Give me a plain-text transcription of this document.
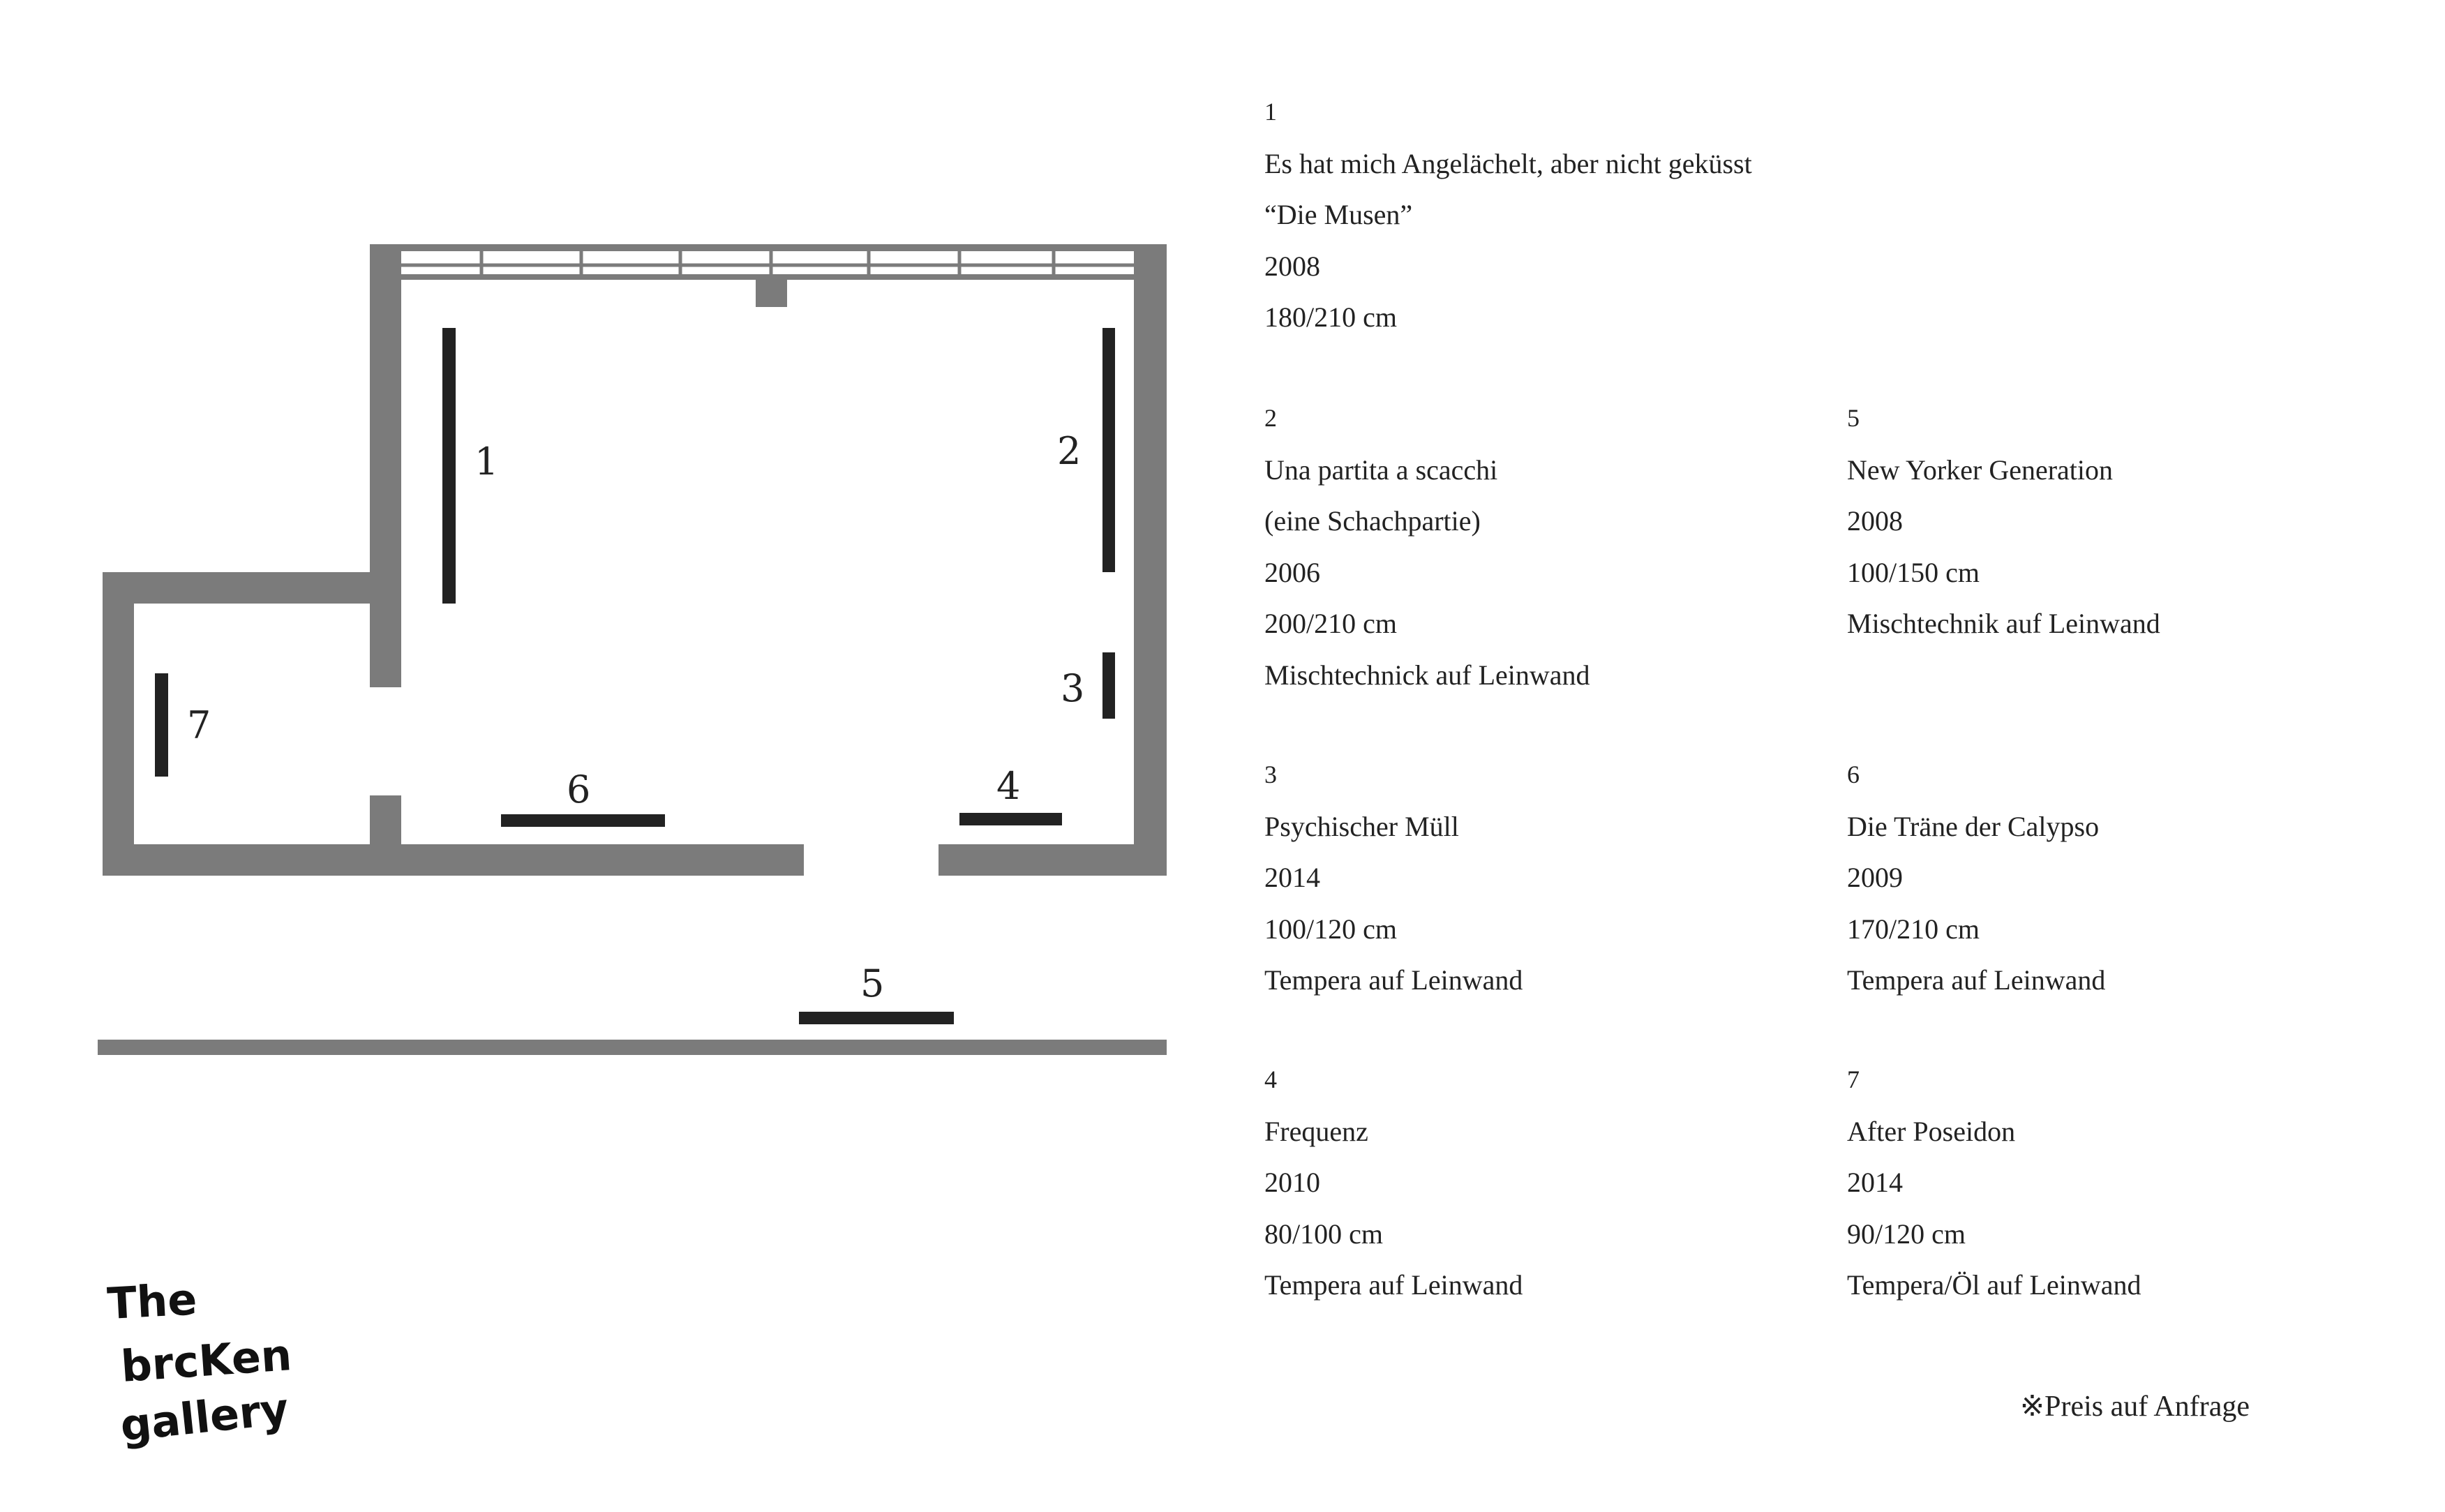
1	2
3
4
5
6
7
1
Es hat mich Angelächelt, aber nicht geküsst
“Die Musen”
2008
180/210 cm
2
Una partita a scacchi
(eine Schachpartie)
2006
200/210 cm
Mischtechnick auf Leinwand
3
Psychischer Müll
2014
100/120 cm
Tempera auf Leinwand
4
Frequenz
2010
80/100 cm
Tempera auf Leinwand
5
New Yorker Generation
2008
100/150 cm
Mischtechnik auf Leinwand
6
Die Träne der Calypso
2009
170/210 cm
Tempera auf Leinwand
7
After Poseidon
2014
90/120 cm
Tempera/Öl auf Leinwand
※Preis auf Anfrage
The
brcKen
gallery
